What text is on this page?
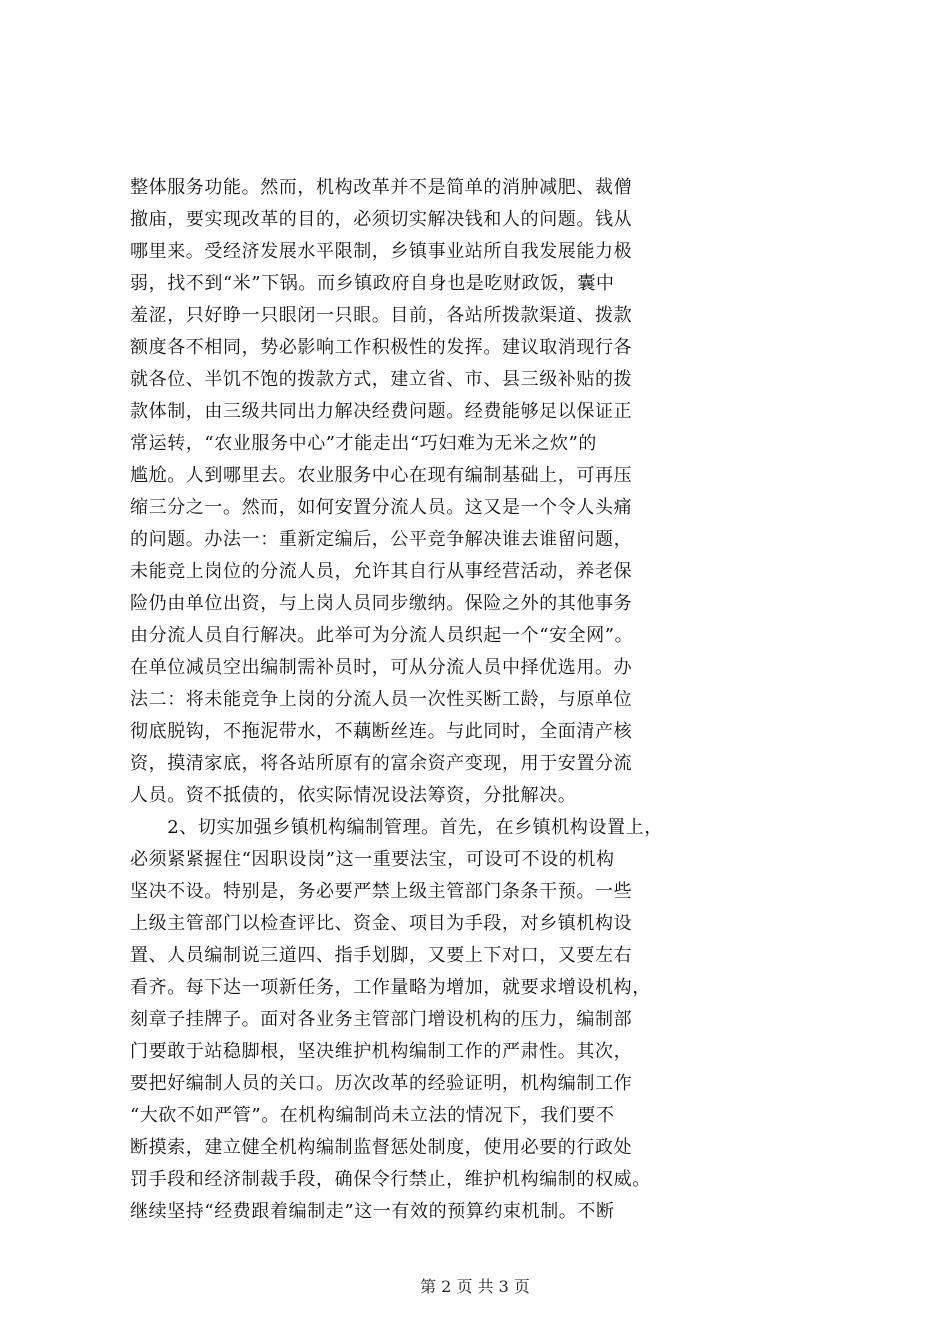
整体服务功能。然而，机构改革并不是简单的消肿减肥、裁僧
撤庙，要实现改革的目的，必须切实解决钱和人的问题。钱从
哪里来。受经济发展水平限制，乡镇事业站所自我发展能力极
弱，找不到“米”下锅。而乡镇政府自身也是吃财政饭，囊中
羞涩，只好睁一只眼闭一只眼。目前，各站所拨款渠道、拨款
额度各不相同，势必影响工作积极性的发挥。建议取消现行各
就各位、半饥不饱的拨款方式，建立省、市、县三级补贴的拨
款体制，由三级共同出力解决经费问题。经费能够足以保证正
常运转，“农业服务中心”才能走出“巧妇难为无米之炊”的
尴尬。人到哪里去。农业服务中心在现有编制基础上，可再压
缩三分之一。然而，如何安置分流人员。这又是一个令人头痛
的问题。办法一：重新定编后，公平竞争解决谁去谁留问题，
未能竞上岗位的分流人员，允许其自行从事经营活动，养老保
险仍由单位出资，与上岗人员同步缴纳。保险之外的其他事务
由分流人员自行解决。此举可为分流人员织起一个“安全网”。
在单位减员空出编制需补员时，可从分流人员中择优选用。办
法二：将未能竞争上岗的分流人员一次性买断工龄，与原单位
彻底脱钩，不拖泥带水，不藕断丝连。与此同时，全面清产核
资，摸清家底，将各站所原有的富余资产变现，用于安置分流
人员。资不抵债的，依实际情况设法筹资，分批解决。
　　2、切实加强乡镇机构编制管理。首先，在乡镇机构设置上，
必须紧紧握住“因职设岗”这一重要法宝，可设可不设的机构
坚决不设。特别是，务必要严禁上级主管部门条条干预。一些
上级主管部门以检查评比、资金、项目为手段，对乡镇机构设
置、人员编制说三道四、指手划脚，又要上下对口，又要左右
看齐。每下达一项新任务，工作量略为增加，就要求增设机构，
刻章子挂牌子。面对各业务主管部门增设机构的压力，编制部
门要敢于站稳脚根，坚决维护机构编制工作的严肃性。其次，
要把好编制人员的关口。历次改革的经验证明，机构编制工作
“大砍不如严管”。在机构编制尚未立法的情况下，我们要不
断摸索，建立健全机构编制监督惩处制度，使用必要的行政处
罚手段和经济制裁手段，确保令行禁止，维护机构编制的权威。
继续坚持“经费跟着编制走”这一有效的预算约束机制。不断
第 2 页 共 3 页
